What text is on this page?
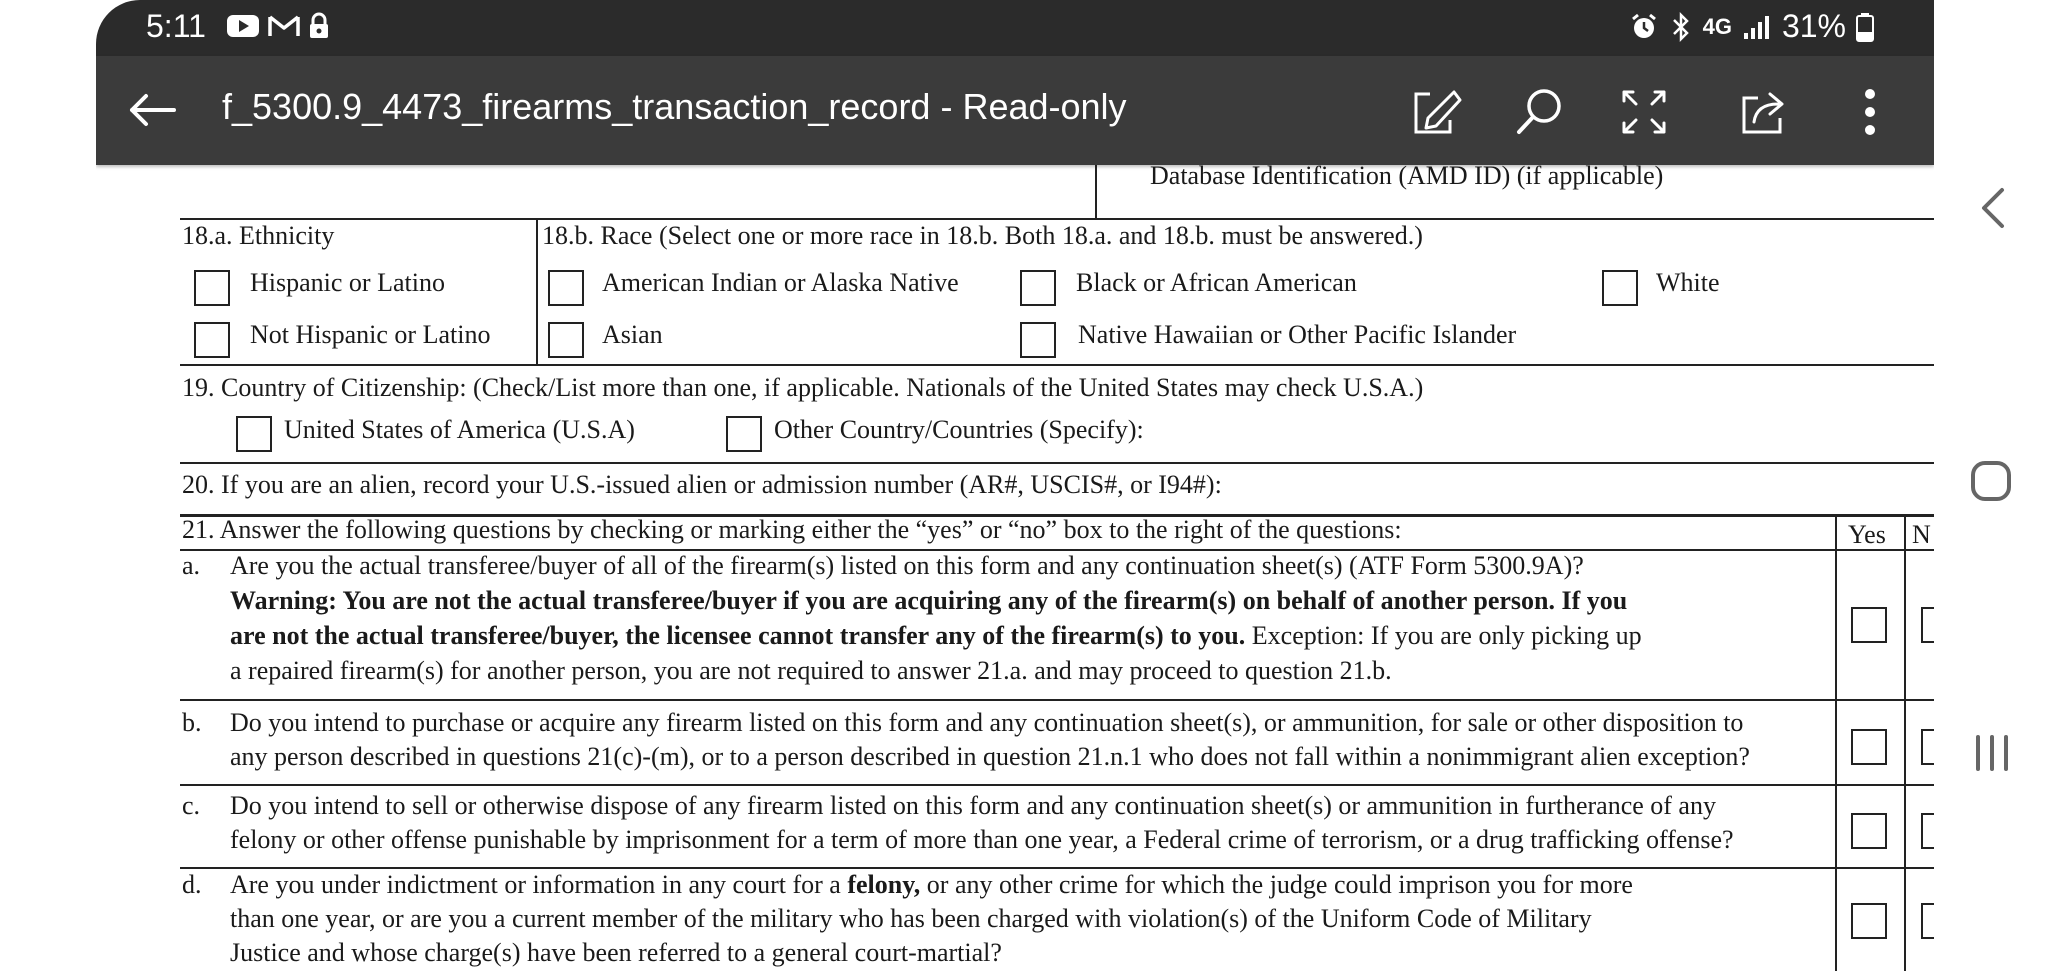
5:11	4G 31%
f_5300.9_4473_firearms_transaction_record - Read-only
Database Identification (AMD ID) (if applicable)
18.a. Ethnicity	18.b. Race (Select one or more race in 18.b. Both 18.a. and 18.b. must be answered.)
Hispanic or Latino
Not Hispanic or Latino
American Indian or Alaska Native	Black or African American	White
Asian	Native Hawaiian or Other Pacific Islander
19. Country of Citizenship: (Check/List more than one, if applicable. Nationals of the United States may check U.S.A.)
United States of America (U.S.A)	Other Country/Countries (Specify):
20. If you are an alien, record your U.S.-issued alien or admission number (AR#, USCIS#, or I94#):
21. Answer the following questions by checking or marking either the “yes” or “no” box to the right of the questions:	Yes N
a. Are you the actual transferee/buyer of all of the firearm(s) listed on this form and any continuation sheet(s) (ATF Form 5300.9A)?
Warning: You are not the actual transferee/buyer if you are acquiring any of the firearm(s) on behalf of another person. If you
are not the actual transferee/buyer, the licensee cannot transfer any of the firearm(s) to you. Exception: If you are only picking up
a repaired firearm(s) for another person, you are not required to answer 21.a. and may proceed to question 21.b.
b. Do you intend to purchase or acquire any firearm listed on this form and any continuation sheet(s), or ammunition, for sale or other disposition to
any person described in questions 21(c)-(m), or to a person described in question 21.n.1 who does not fall within a nonimmigrant alien exception?
c. Do you intend to sell or otherwise dispose of any firearm listed on this form and any continuation sheet(s) or ammunition in furtherance of any
felony or other offense punishable by imprisonment for a term of more than one year, a Federal crime of terrorism, or a drug trafficking offense?
d. Are you under indictment or information in any court for a felony, or any other crime for which the judge could imprison you for more
than one year, or are you a current member of the military who has been charged with violation(s) of the Uniform Code of Military
Justice and whose charge(s) have been referred to a general court-martial?
